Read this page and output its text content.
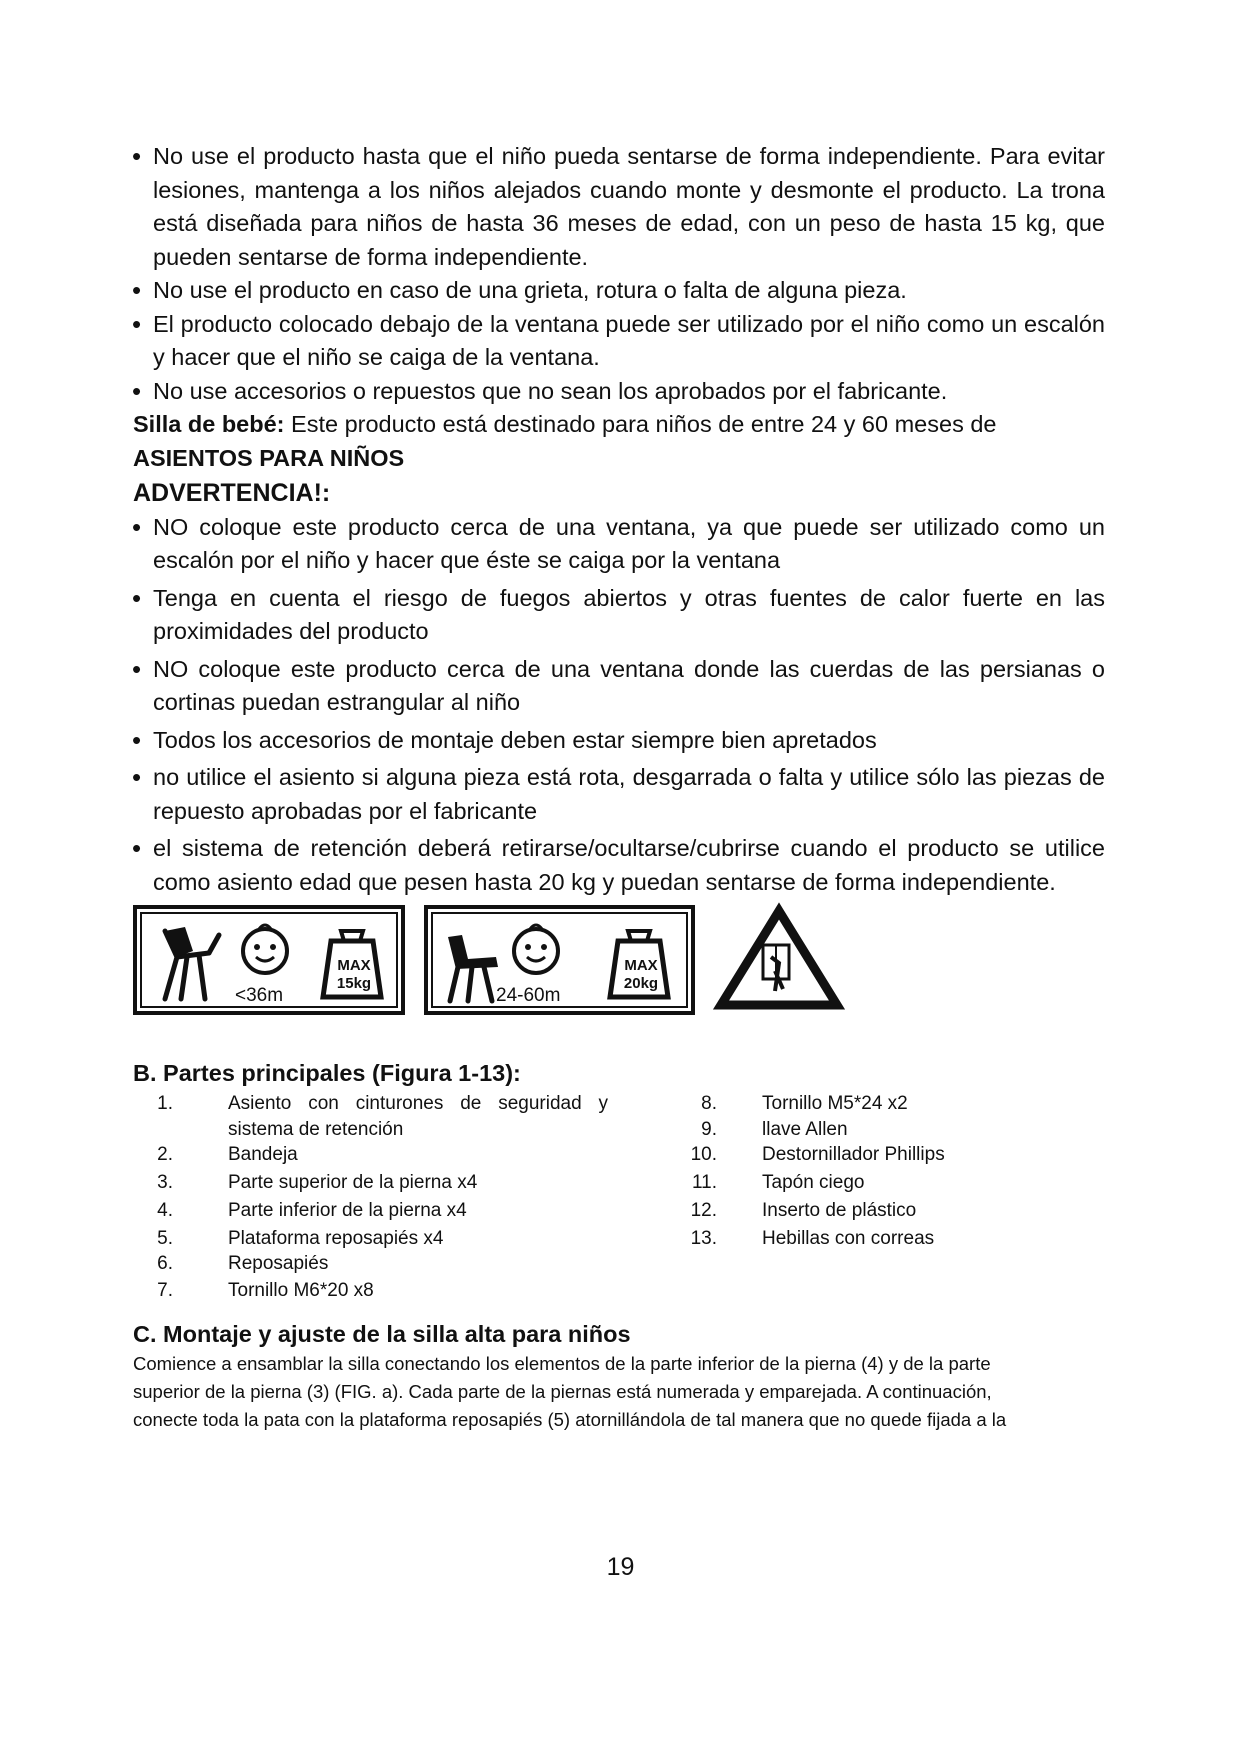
• No use el producto hasta que el niño pueda sentarse de forma independiente. Para evitar lesiones, mantenga a los niños alejados cuando monte y desmonte el producto. La trona está diseñada para niños de hasta 36 meses de edad, con un peso de hasta 15 kg, que pueden sentarse de forma independiente.
• No use el producto en caso de una grieta, rotura o falta de alguna pieza.
• El producto colocado debajo de la ventana puede ser utilizado por el niño como un escalón y hacer que el niño se caiga de la ventana.
• No use accesorios o repuestos que no sean los aprobados por el fabricante.

Silla de bebé: Este producto está destinado para niños de entre 24 y 60 meses de

ASIENTOS PARA NIÑOS

ADVERTENCIA!:

• NO coloque este producto cerca de una ventana, ya que puede ser utilizado como un escalón por el niño y hacer que éste se caiga por la ventana
• Tenga en cuenta el riesgo de fuegos abiertos y otras fuentes de calor fuerte en las proximidades del producto
• NO coloque este producto cerca de una ventana donde las cuerdas de las persianas o cortinas puedan estrangular al niño
• Todos los accesorios de montaje deben estar siempre bien apretados
• no utilice el asiento si alguna pieza está rota, desgarrada o falta y utilice sólo las piezas de repuesto aprobadas por el fabricante
• el sistema de retención deberá retirarse/ocultarse/cubrirse cuando el producto se utilice como asiento edad que pesen hasta 20 kg y puedan sentarse de forma independiente.
<36m
MAX
15kg
24-60m
MAX
20kg

B. Partes principales (Figura 1-13):

1.	Asiento con cinturones de seguridad y
sistema de retención
2.	Bandeja
3.	Parte superior de la pierna x4
4.	Parte inferior de la pierna x4
5.	Plataforma reposapiés x4
6.	Reposapiés
7.	Tornillo M6*20 x8
8. Tornillo M5*24 x2
9. llave Allen
10. Destornillador Phillips
11. Tapón ciego
12. Inserto de plástico
13. Hebillas con correas

C. Montaje y ajuste de la silla alta para niños

Comience a ensamblar la silla conectando los elementos de la parte inferior de la pierna (4) y de la parte

superior de la pierna (3) (FIG. a). Cada parte de la piernas está numerada y emparejada. A continuación,

conecte toda la pata con la plataforma reposapiés (5) atornillándola de tal manera que no quede fijada a la

19
